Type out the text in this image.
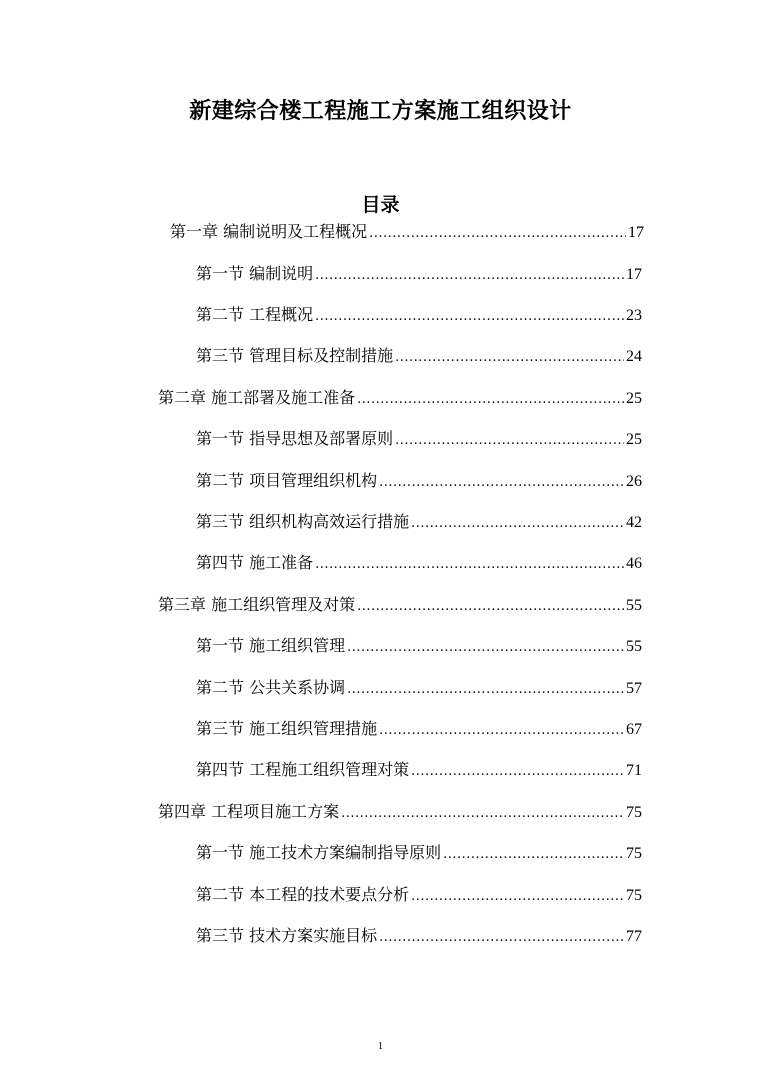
新建综合楼工程施工方案施工组织设计
目录
第一章 编制说明及工程概况 .....	17
第一节 编制说明 .....	17
第二节 工程概况 .....	23
第三节 管理目标及控制措施 .....	24
第二章 施工部署及施工准备 .....	25
第一节 指导思想及部署原则 .....	25
第二节 项目管理组织机构 .....	26
第三节 组织机构高效运行措施 .....	42
第四节 施工准备 .....	46
第三章 施工组织管理及对策 .....	55
第一节 施工组织管理 .....	55
第二节 公共关系协调 .....	57
第三节 施工组织管理措施 .....	67
第四节 工程施工组织管理对策 .....	71
第四章 工程项目施工方案 .....	75
第一节 施工技术方案编制指导原则 .....	75
第二节 本工程的技术要点分析 .....	75
第三节 技术方案实施目标 .....	77
1
